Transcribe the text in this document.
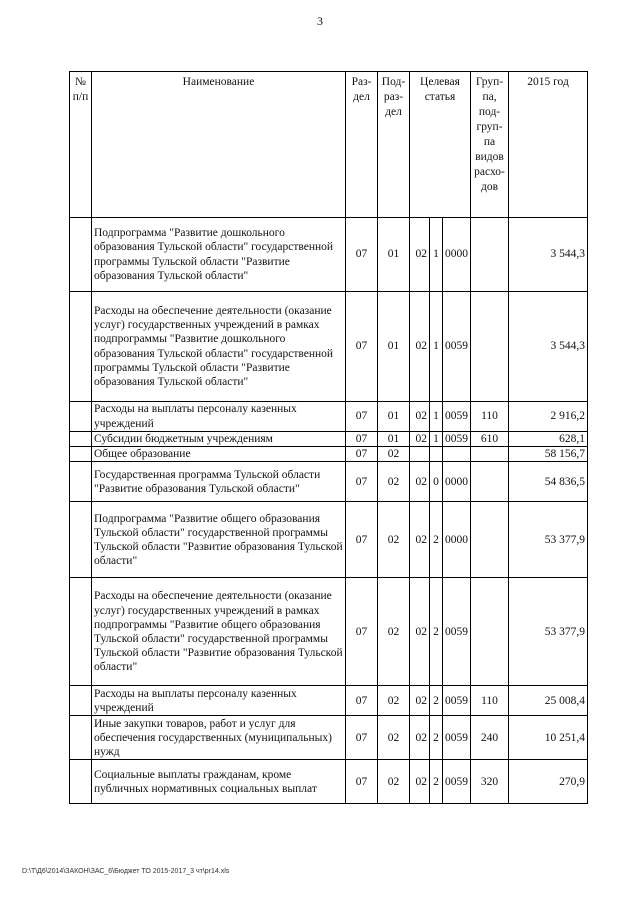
3
№ п/п	Наименование	Раз-дел	Под-раз-дел	Целевая статья			Груп-па, под-груп-па видов расхо-дов	2015 год
	Подпрограмма "Развитие дошкольного образования Тульской области" государственной программы Тульской области "Развитие образования Тульской области"	07	01	02	1	0000		3 544,3
	Расходы на обеспечение деятельности (оказание услуг) государственных учреждений в рамках подпрограммы "Развитие дошкольного образования Тульской области" государственной программы Тульской области "Развитие образования Тульской области"	07	01	02	1	0059		3 544,3
	Расходы на выплаты персоналу казенных учреждений	07	01	02	1	0059	110	2 916,2
	Субсидии бюджетным учреждениям	07	01	02	1	0059	610	628,1
	Общее образование	07	02					58 156,7
	Государственная программа Тульской области "Развитие образования Тульской области"	07	02	02	0	0000		54 836,5
	Подпрограмма "Развитие общего образования Тульской области" государственной программы Тульской области "Развитие образования Тульской области"	07	02	02	2	0000		53 377,9
	Расходы на обеспечение деятельности (оказание услуг) государственных учреждений в рамках подпрограммы "Развитие общего образования Тульской области" государственной программы Тульской области "Развитие образования Тульской области"	07	02	02	2	0059		53 377,9
	Расходы на выплаты персоналу казенных учреждений	07	02	02	2	0059	110	25 008,4
	Иные закупки товаров, работ и услуг для обеспечения государственных (муниципальных) нужд	07	02	02	2	0059	240	10 251,4
	Социальные выплаты гражданам, кроме публичных нормативных социальных выплат	07	02	02	2	0059	320	270,9
D:\Т\Д6\2014\ЗАКОН\ЗАС_6\Бюджет ТО 2015-2017_3 чт\pr14.xls
